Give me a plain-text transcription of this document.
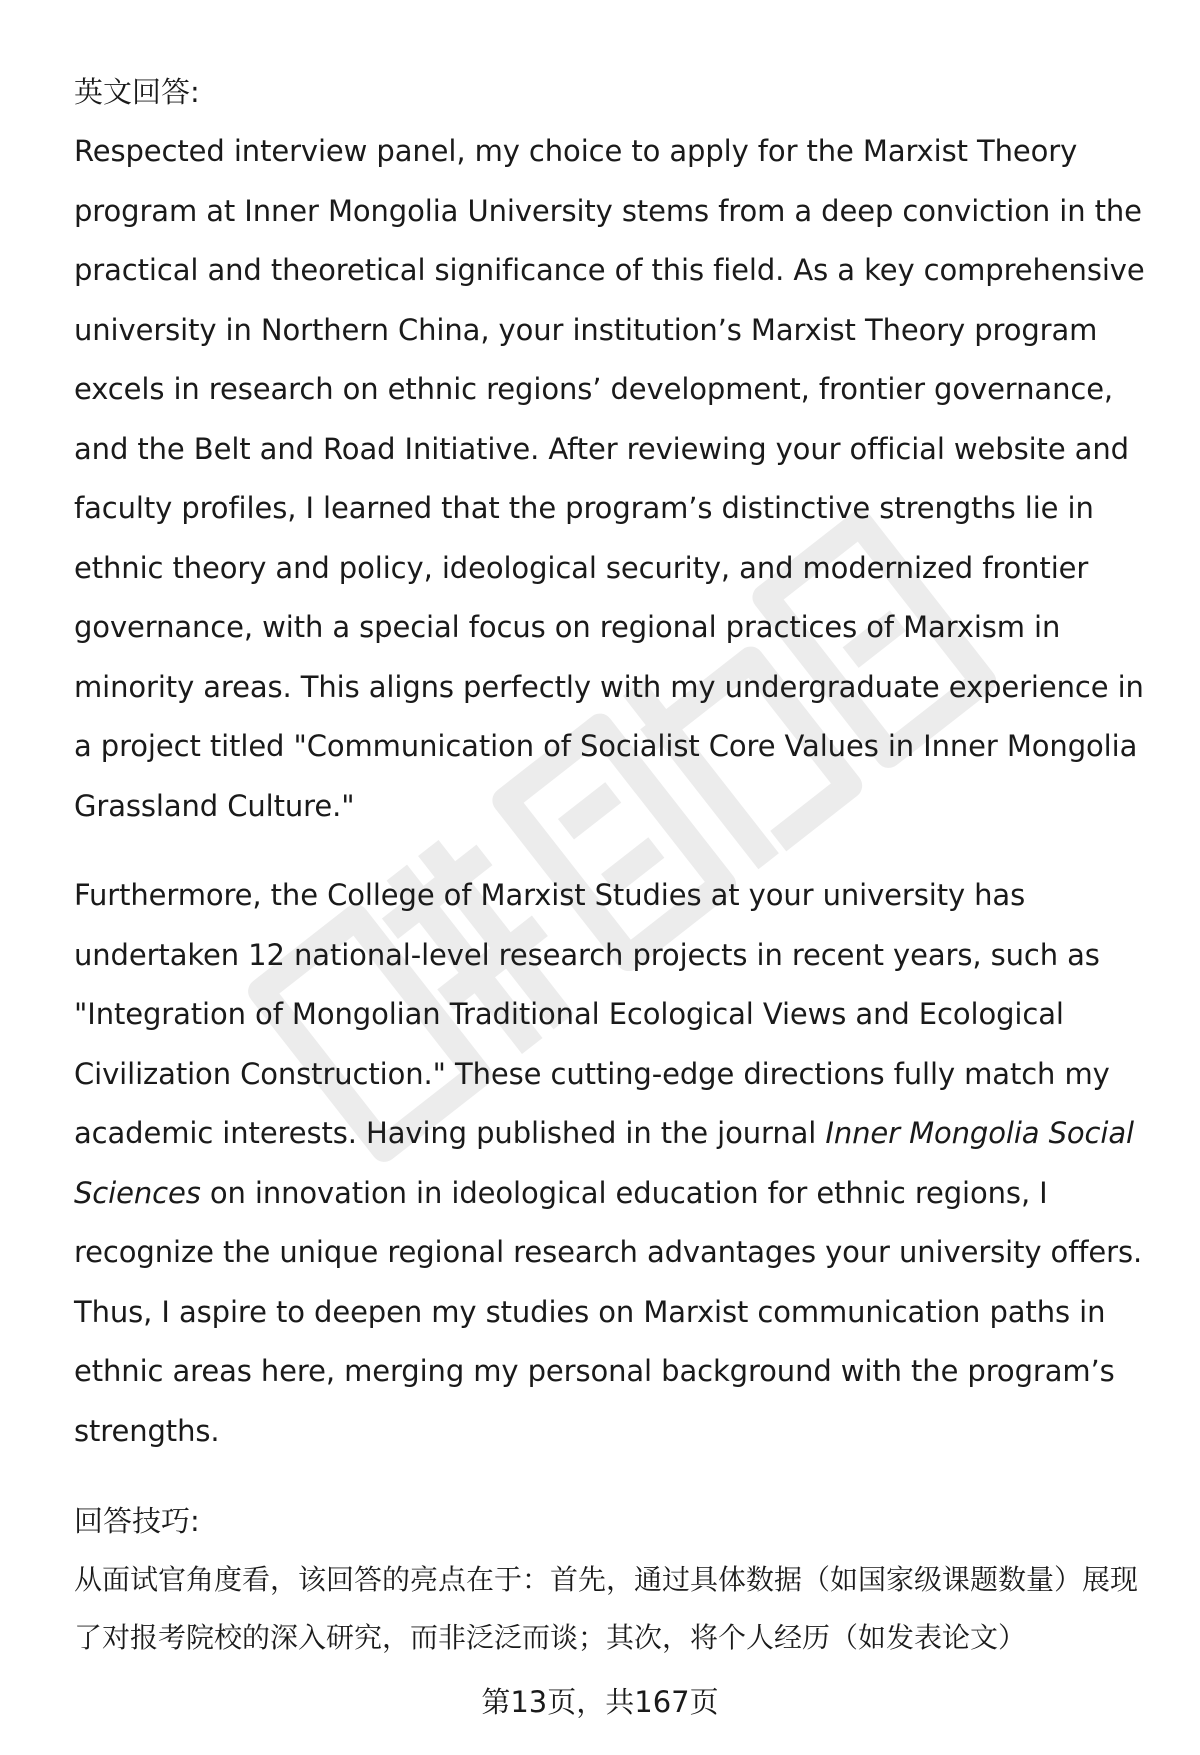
英文回答:

Respected interview panel, my choice to apply for the Marxist Theory program at Inner Mongolia University stems from a deep conviction in the practical and theoretical significance of this field. As a key comprehensive university in Northern China, your institution’s Marxist Theory program excels in research on ethnic regions’ development, frontier governance, and the Belt and Road Initiative. After reviewing your official website and faculty profiles, I learned that the program’s distinctive strengths lie in ethnic theory and policy, ideological security, and modernized frontier governance, with a special focus on regional practices of Marxism in minority areas. This aligns perfectly with my undergraduate experience in a project titled "Communication of Socialist Core Values in Inner Mongolia Grassland Culture."

Furthermore, the College of Marxist Studies at your university has undertaken 12 national-level research projects in recent years, such as "Integration of Mongolian Traditional Ecological Views and Ecological Civilization Construction." These cutting-edge directions fully match my academic interests. Having published in the journal Inner Mongolia Social Sciences on innovation in ideological education for ethnic regions, I recognize the unique regional research advantages your university offers. Thus, I aspire to deepen my studies on Marxist communication paths in ethnic areas here, merging my personal background with the program’s strengths.

回答技巧:

从面试官角度看，该回答的亮点在于：首先，通过具体数据（如国家级课题数量）展现了对报考院校的深入研究，而非泛泛而谈；其次，将个人经历（如发表论文）

第13页，共167页
